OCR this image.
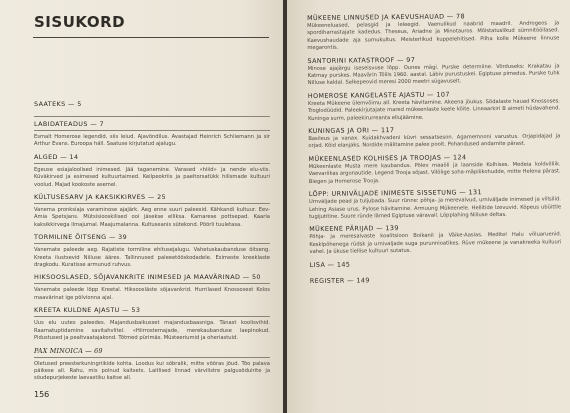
SISUKORD
SAATEKS — 5
LABIDATEADUS — 7
Esmalt Homerose legendid, siis leiud. Ajavöndilus. Avastajad Heinrich Schliemann ja sir Arthur Evans. Euroopa häll. Saatuse kirjutatud ajalugu.
ALGED — 14
Egeuse esiajaloolised inimesed. Jää taganemine. Varased «hiiid» ja nende elu-viis. Küväkirved ja esimesed kultuurtaimed. Keilpeokriis ja paeltorsatükk hilismade kultuuri voolud. Majad kookoste asemel.
KÜLTUSESARV JA KAKSIKKIRVES — 25
Vanema pronksiaja varaminose ajajärk. Aeg enne suuri paleesid. Kähkandi kultuur. Eev-Amia Spetsjans. Mütsisiooskilised ooi jäsekse elliksa. Kamarese pottsepad. Kaaria kaksikkirvega ilmajumal. Maajumalanna. Kultuseanis sütekond. Pöörli tuuletasa.
TORMILINE ÕITSENG — 39
Vanemate paleede aeg. Rajatiste tormiline ehitusejalugu. Vahetuskaubanduse õitseng. Kreeta ilustsevid Niiluse ääres. Tallinnused paleeetööskodadele. Esimeste kreeklaste dragkodu. Kuratisse armunud ruhvus.
HIKSOOSLASED, SÕJAVANKRITE INIMESED JA MAAVÄRINAD — 50
Vanemate paleede löpp Kreetal. Hiksoosläste sõjavankrid. Hurrilased Knossosest Kolos maavärinat ige põlvionna ajal.
KREETA KULDNE AJASTU — 53
Uus elu uutes paleedes. Majandusbaikusset majandusbaasniga. Tänast koolisvihid. Raamatuptidamine savitahvlitel. «Hiirrostemajade, merekaubanduse laepinokud. Pidustused ja pealtvaatajakond. Tõtmed pürimäs. Müsteeriumid ja oheriastuid.
PAX MINOICA — 69
Oletused preesterkuningriikide kohta. Loodus kui sõbralik, mitte võõras jõud. Tõo palava päikese all. Rahu, mis polnud kaitsets. Laitlised linnad värvilistre palgusõduirite ja sõudepurjekeste laevastiku kaitse all.
156
MÜKEENE LINNUSED JA KAEVUSHAUAD — 78
Mükeeneluased, pelasgid ja leleegid. Vaenulikud naabrid maadril. Androgeos ja spordiharrastajate kadedus. Theseus, Ariadne ja Minotauros. Mõistatuslikud sümnitööilased. Kaevushaudade aja surnukultus. Meisterlikud kuppelehitised. Pilha kolle Mükeene linnuse megarontis.
SANTORINI KATASTROOF — 97
Minose ajajärgu iseseisvuse lõpp. Ounes mägi. Purske determiine. Vörduseks: Krakatau ja Katmay purskes. Maavärin Tölils 1960. aastal. Läbiv purustuskei. Egiptuse pimedus. Purske tuhk Nilluse kaldal. Selkepeovid meresi 2000 meetri sügavuselt.
HOMEROSE KANGELASTE AJASTU — 107
Kreeta Mükeene ülemvõimu all. Kreeta hävitamine. Akeena jöukus. Sõdalaste hauad Knossoses. Troglodüüdid. Paleekirjutajate mared mükeenlaste keele kõite. Lineaarkiri B aimeti hüdavahend. Kuninga surm, paleekirurreanta ellujäämine.
KUNINGAS JA ORI — 117
Basileus ja vanax. Kuidakhvadeni küvri sessatseson. Agamemnoni varustus. Orjapidajad ja orjad. Kõid elanjaks. Nordide mälitamine palee poolt. Pohandused andamite pärast.
MÜKEENLASED KOLHISES JA TROOJAS — 124
Mükeenlaste Musta mere kaubandus. Põlev maaöli ja laanside Kolhises. Medeia koldvilliik. Vaevariikas argonautide. Legend Trooja sõjast. Vilõlige soha-mäpilikohudde, mitte Helena pärast. Biegen ja Homerose Trooja.
LÕPP: URNIVÄLJADE INIMESTE SISSETUNG — 131
Urnväljade pead ja tuljubada. Suur rünne: põhja- ja merevalvud, urniväljade inimesed ja villsilid. Lehing Asiase urus. Pylose hävitamine. Armuung Mükeenele. Hellitide lzevuvid. Kõpeus ubüittle tugijutitine. Suure ründe lämed Egiptuse väravail. Lõpplahing Niiluse deltas.
MÜKEENE PÄRIJAD — 139
Põhja- ja meresalvaste koalitsioon Boikanil ja Väike-Aasias. Meditel Halu võluaruenid. Kesklpõhenega rüdsk ja urnivaljade suga purunnioatikes. Rüve mükeene ja vanakreeka kulluuri vahel. Ja ükuse tiellise kultuuri sutatus.
LISA — 145
REGISTER — 149
